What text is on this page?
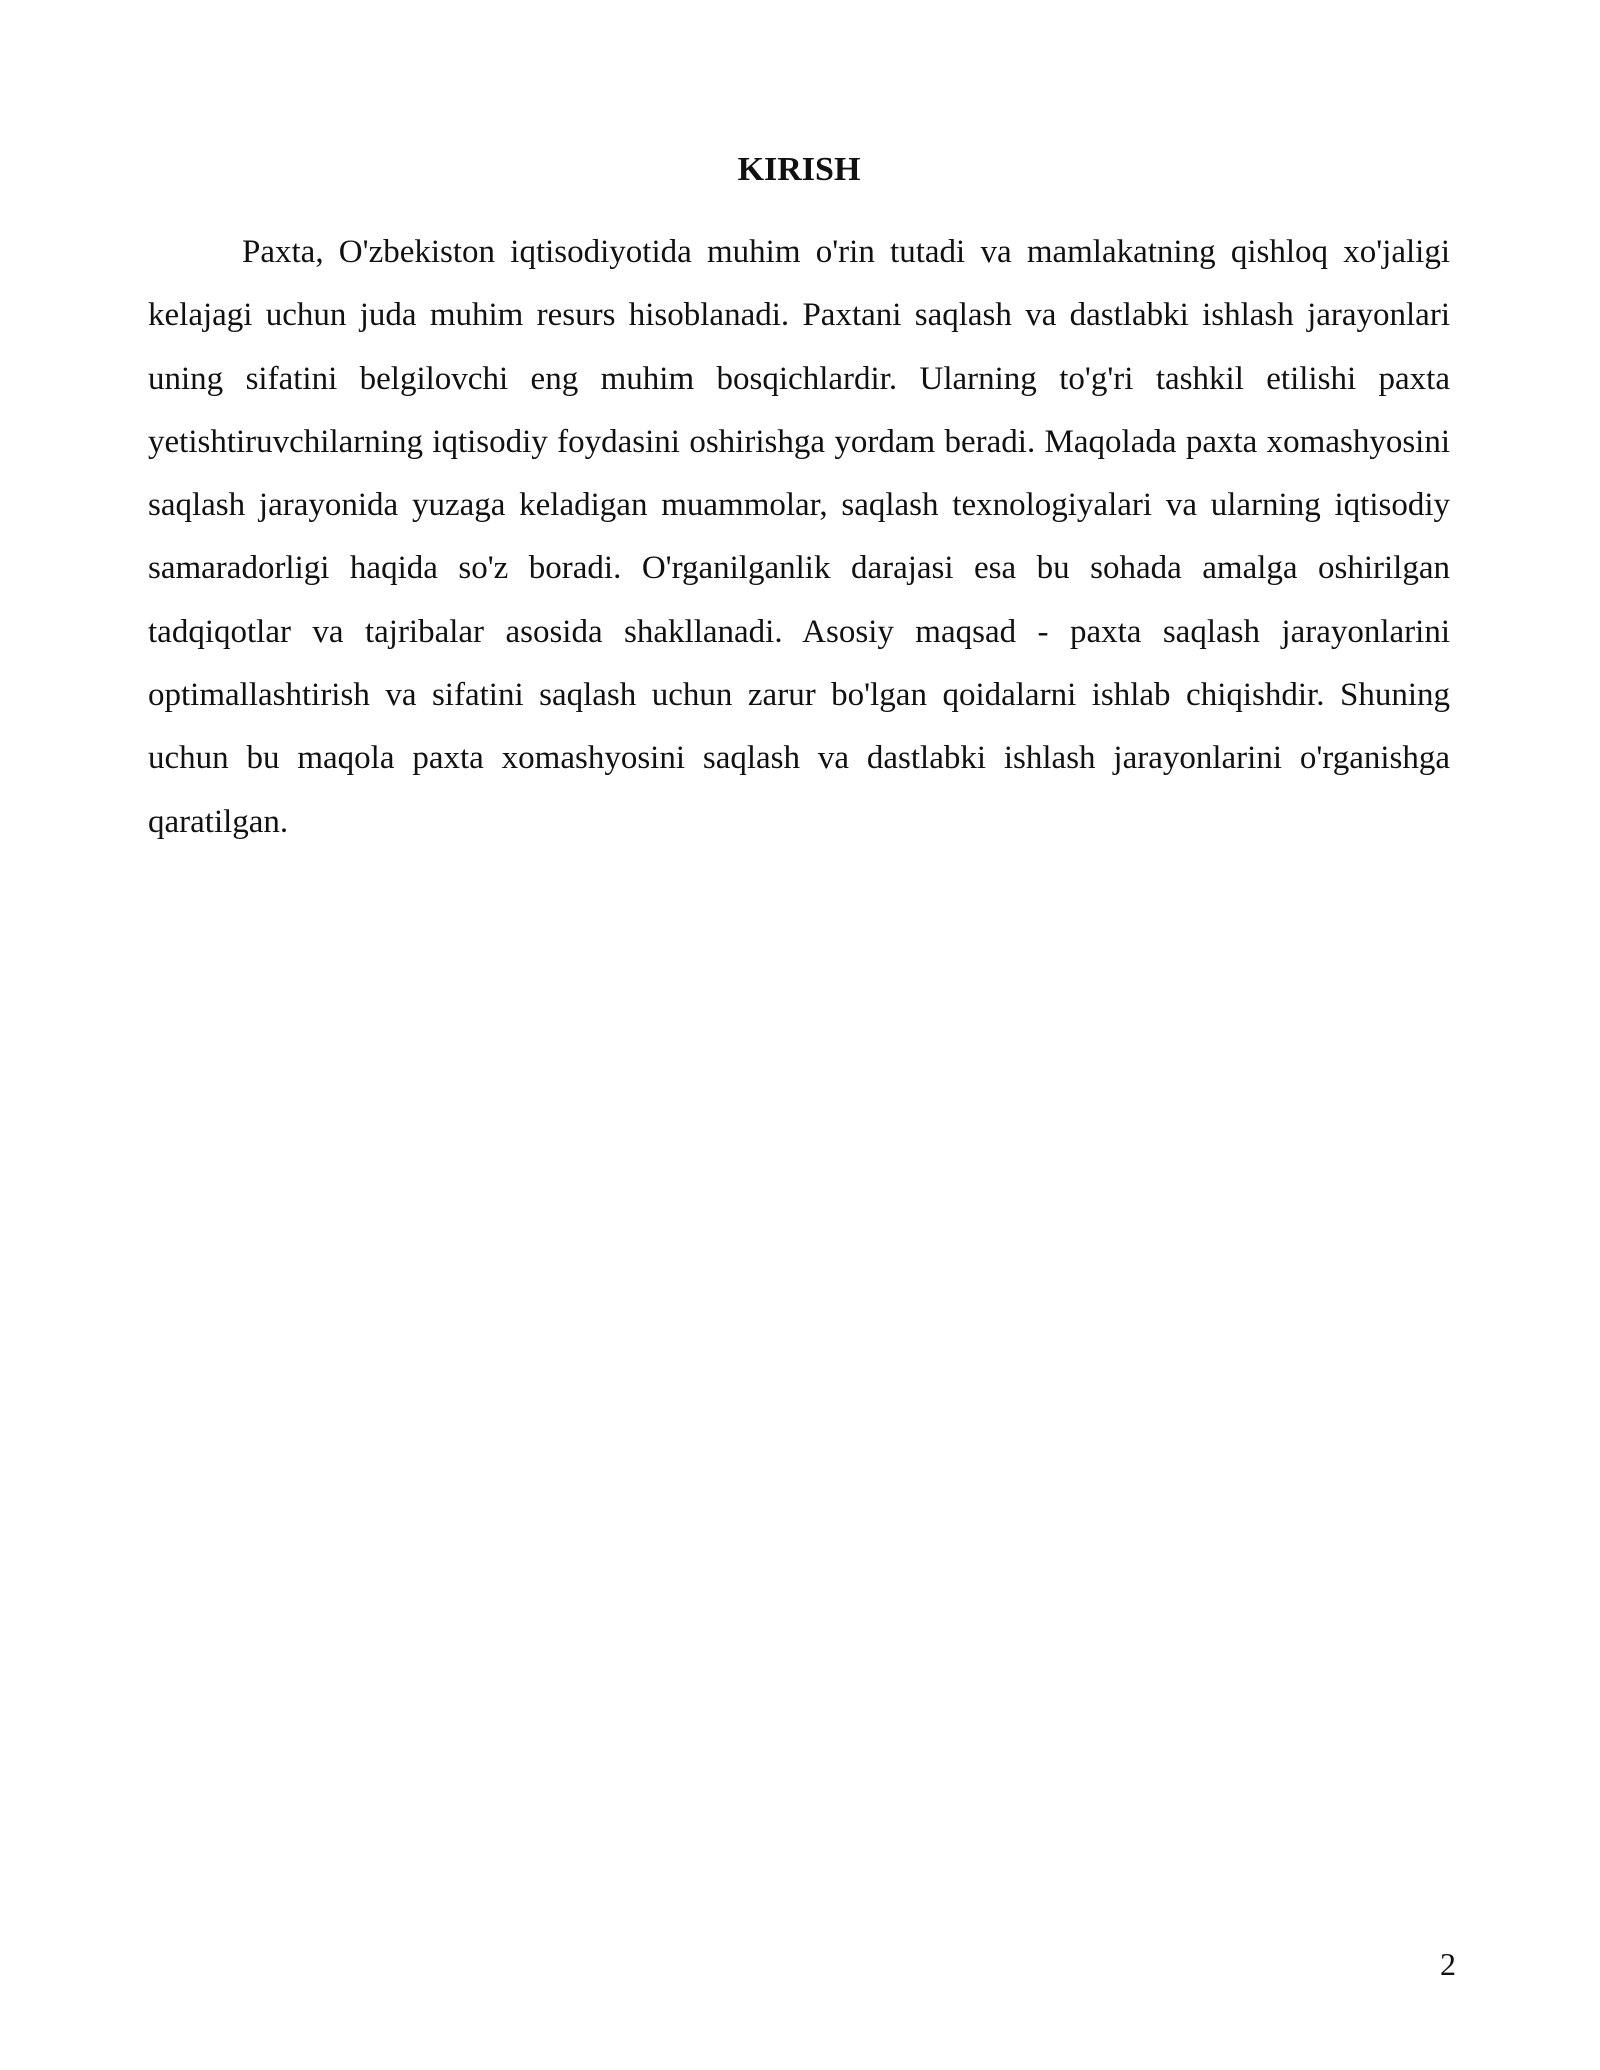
KIRISH

Paxta, O'zbekiston iqtisodiyotida muhim o'rin tutadi va mamlakatning qishloq xo'jaligi kelajagi uchun juda muhim resurs hisoblanadi. Paxtani saqlash va dastlabki ishlash jarayonlari uning sifatini belgilovchi eng muhim bosqichlardir. Ularning to'g'ri tashkil etilishi paxta yetishtiruvchilarning iqtisodiy foydasini oshirishga yordam beradi. Maqolada paxta xomashyosini saqlash jarayonida yuzaga keladigan muammolar, saqlash texnologiyalari va ularning iqtisodiy samaradorligi haqida so'z boradi. O'rganilganlik darajasi esa bu sohada amalga oshirilgan tadqiqotlar va tajribalar asosida shakllanadi. Asosiy maqsad - paxta saqlash jarayonlarini optimallashtirish va sifatini saqlash uchun zarur bo'lgan qoidalarni ishlab chiqishdir. Shuning uchun bu maqola paxta xomashyosini saqlash va dastlabki ishlash jarayonlarini o'rganishga qaratilgan.

2
